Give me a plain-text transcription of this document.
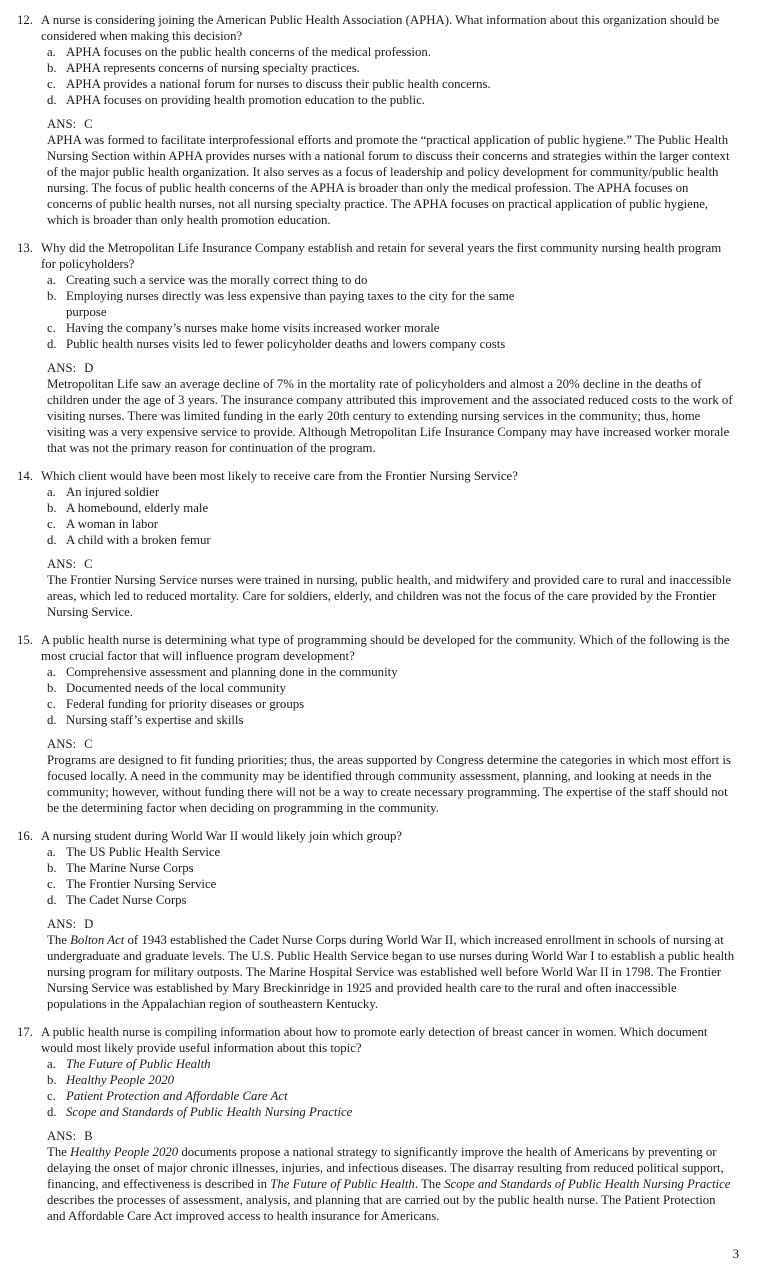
12. A nurse is considering joining the American Public Health Association (APHA). What information about this organization should be considered when making this decision?
a. APHA focuses on the public health concerns of the medical profession.
b. APHA represents concerns of nursing specialty practices.
c. APHA provides a national forum for nurses to discuss their public health concerns.
d. APHA focuses on providing health promotion education to the public.
ANS: C
APHA was formed to facilitate interprofessional efforts and promote the “practical application of public hygiene.” The Public Health Nursing Section within APHA provides nurses with a national forum to discuss their concerns and strategies within the larger context of the major public health organization. It also serves as a focus of leadership and policy development for community/public health nursing. The focus of public health concerns of the APHA is broader than only the medical profession. The APHA focuses on concerns of public health nurses, not all nursing specialty practice. The APHA focuses on practical application of public hygiene, which is broader than only health promotion education.
13. Why did the Metropolitan Life Insurance Company establish and retain for several years the first community nursing health program for policyholders?
a. Creating such a service was the morally correct thing to do
b. Employing nurses directly was less expensive than paying taxes to the city for the same purpose
c. Having the company’s nurses make home visits increased worker morale
d. Public health nurses visits led to fewer policyholder deaths and lowers company costs
ANS: D
Metropolitan Life saw an average decline of 7% in the mortality rate of policyholders and almost a 20% decline in the deaths of children under the age of 3 years. The insurance company attributed this improvement and the associated reduced costs to the work of visiting nurses. There was limited funding in the early 20th century to extending nursing services in the community; thus, home visiting was a very expensive service to provide. Although Metropolitan Life Insurance Company may have increased worker morale that was not the primary reason for continuation of the program.
14. Which client would have been most likely to receive care from the Frontier Nursing Service?
a. An injured soldier
b. A homebound, elderly male
c. A woman in labor
d. A child with a broken femur
ANS: C
The Frontier Nursing Service nurses were trained in nursing, public health, and midwifery and provided care to rural and inaccessible areas, which led to reduced mortality. Care for soldiers, elderly, and children was not the focus of the care provided by the Frontier Nursing Service.
15. A public health nurse is determining what type of programming should be developed for the community. Which of the following is the most crucial factor that will influence program development?
a. Comprehensive assessment and planning done in the community
b. Documented needs of the local community
c. Federal funding for priority diseases or groups
d. Nursing staff’s expertise and skills
ANS: C
Programs are designed to fit funding priorities; thus, the areas supported by Congress determine the categories in which most effort is focused locally. A need in the community may be identified through community assessment, planning, and looking at needs in the community; however, without funding there will not be a way to create necessary programming. The expertise of the staff should not be the determining factor when deciding on programming in the community.
16. A nursing student during World War II would likely join which group?
a. The US Public Health Service
b. The Marine Nurse Corps
c. The Frontier Nursing Service
d. The Cadet Nurse Corps
ANS: D
The Bolton Act of 1943 established the Cadet Nurse Corps during World War II, which increased enrollment in schools of nursing at undergraduate and graduate levels. The U.S. Public Health Service began to use nurses during World War I to establish a public health nursing program for military outposts. The Marine Hospital Service was established well before World War II in 1798. The Frontier Nursing Service was established by Mary Breckinridge in 1925 and provided health care to the rural and often inaccessible populations in the Appalachian region of southeastern Kentucky.
17. A public health nurse is compiling information about how to promote early detection of breast cancer in women. Which document would most likely provide useful information about this topic?
a. The Future of Public Health
b. Healthy People 2020
c. Patient Protection and Affordable Care Act
d. Scope and Standards of Public Health Nursing Practice
ANS: B
The Healthy People 2020 documents propose a national strategy to significantly improve the health of Americans by preventing or delaying the onset of major chronic illnesses, injuries, and infectious diseases. The disarray resulting from reduced political support, financing, and effectiveness is described in The Future of Public Health. The Scope and Standards of Public Health Nursing Practice describes the processes of assessment, analysis, and planning that are carried out by the public health nurse. The Patient Protection and Affordable Care Act improved access to health insurance for Americans.
3
